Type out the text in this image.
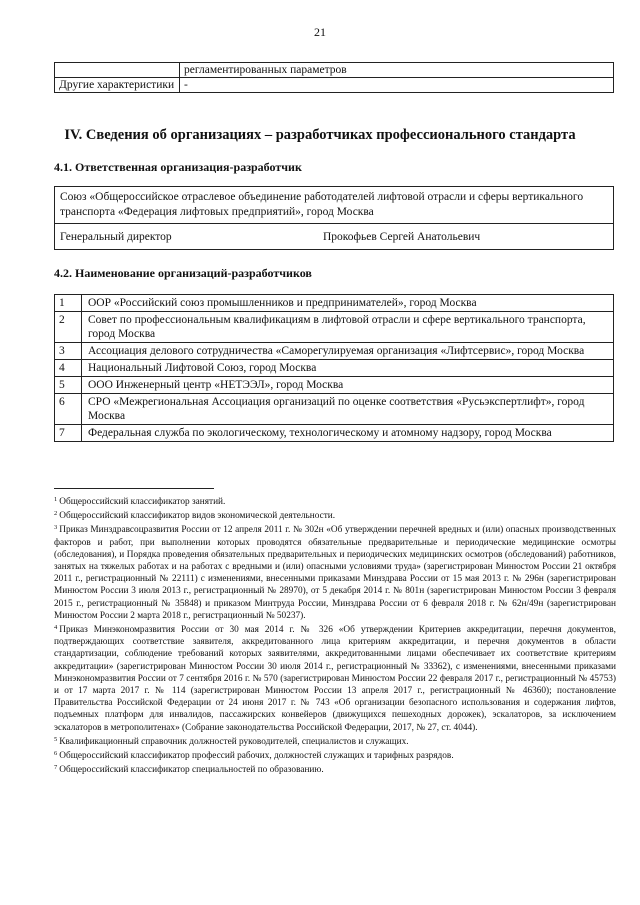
21
	регламентированных параметров
Другие характеристики	-
IV. Сведения об организациях – разработчиках профессионального стандарта
4.1. Ответственная организация-разработчик
Союз «Общероссийское отраслевое объединение работодателей лифтовой отрасли и сферы вертикального транспорта «Федерация лифтовых предприятий», город Москва
Генеральный директор	Прокофьев Сергей Анатольевич
4.2. Наименование организаций-разработчиков
1	ООР «Российский союз промышленников и предпринимателей», город Москва
2	Совет по профессиональным квалификациям в лифтовой отрасли и сфере вертикального транспорта, город Москва
3	Ассоциация делового сотрудничества «Саморегулируемая организация «Лифтсервис», город Москва
4	Национальный Лифтовой Союз, город Москва
5	ООО Инженерный центр «НЕТЭЭЛ», город Москва
6	СРО «Межрегиональная Ассоциация организаций по оценке соответствия «Русьэкспертлифт», город Москва
7	Федеральная служба по экологическому, технологическому и атомному надзору, город Москва

$^1$ Общероссийский классификатор занятий.

$^2$ Общероссийский классификатор видов экономической деятельности.

$^3$ Приказ Минздравсоцразвития России от 12 апреля 2011 г. № 302н «Об утверждении перечней вредных и (или) опасных производственных факторов и работ, при выполнении которых проводятся обязательные предварительные и периодические медицинские осмотры (обследования), и Порядка проведения обязательных предварительных и периодических медицинских осмотров (обследований) работников, занятых на тяжелых работах и на работах с вредными и (или) опасными условиями труда» (зарегистрирован Минюстом России 21 октября 2011 г., регистрационный № 22111) с изменениями, внесенными приказами Минздрава России от 15 мая 2013 г. № 296н (зарегистрирован Минюстом России 3 июля 2013 г., регистрационный № 28970), от 5 декабря 2014 г. № 801н (зарегистрирован Минюстом России 3 февраля 2015 г., регистрационный № 35848) и приказом Минтруда России, Минздрава России от 6 февраля 2018 г. № 62н/49н (зарегистрирован Минюстом России 2 марта 2018 г., регистрационный № 50237).

$^4$ Приказ Минэкономразвития России от 30 мая 2014 г. № 326 «Об утверждении Критериев аккредитации, перечня документов, подтверждающих соответствие заявителя, аккредитованного лица критериям аккредитации, и перечня документов в области стандартизации, соблюдение требований которых заявителями, аккредитованными лицами обеспечивает их соответствие критериям аккредитации» (зарегистрирован Минюстом России 30 июля 2014 г., регистрационный № 33362), с изменениями, внесенными приказами Минэкономразвития России от 7 сентября 2016 г. № 570 (зарегистрирован Минюстом России 22 февраля 2017 г., регистрационный № 45753) и от 17 марта 2017 г. № 114 (зарегистрирован Минюстом России 13 апреля 2017 г., регистрационный № 46360); постановление Правительства Российской Федерации от 24 июня 2017 г. № 743 «Об организации безопасного использования и содержания лифтов, подъемных платформ для инвалидов, пассажирских конвейеров (движущихся пешеходных дорожек), эскалаторов, за исключением эскалаторов в метрополитенах» (Собрание законодательства Российской Федерации, 2017, № 27, ст. 4044).

$^5$ Квалификационный справочник должностей руководителей, специалистов и служащих.

$^6$ Общероссийский классификатор профессий рабочих, должностей служащих и тарифных разрядов.

$^7$ Общероссийский классификатор специальностей по образованию.
